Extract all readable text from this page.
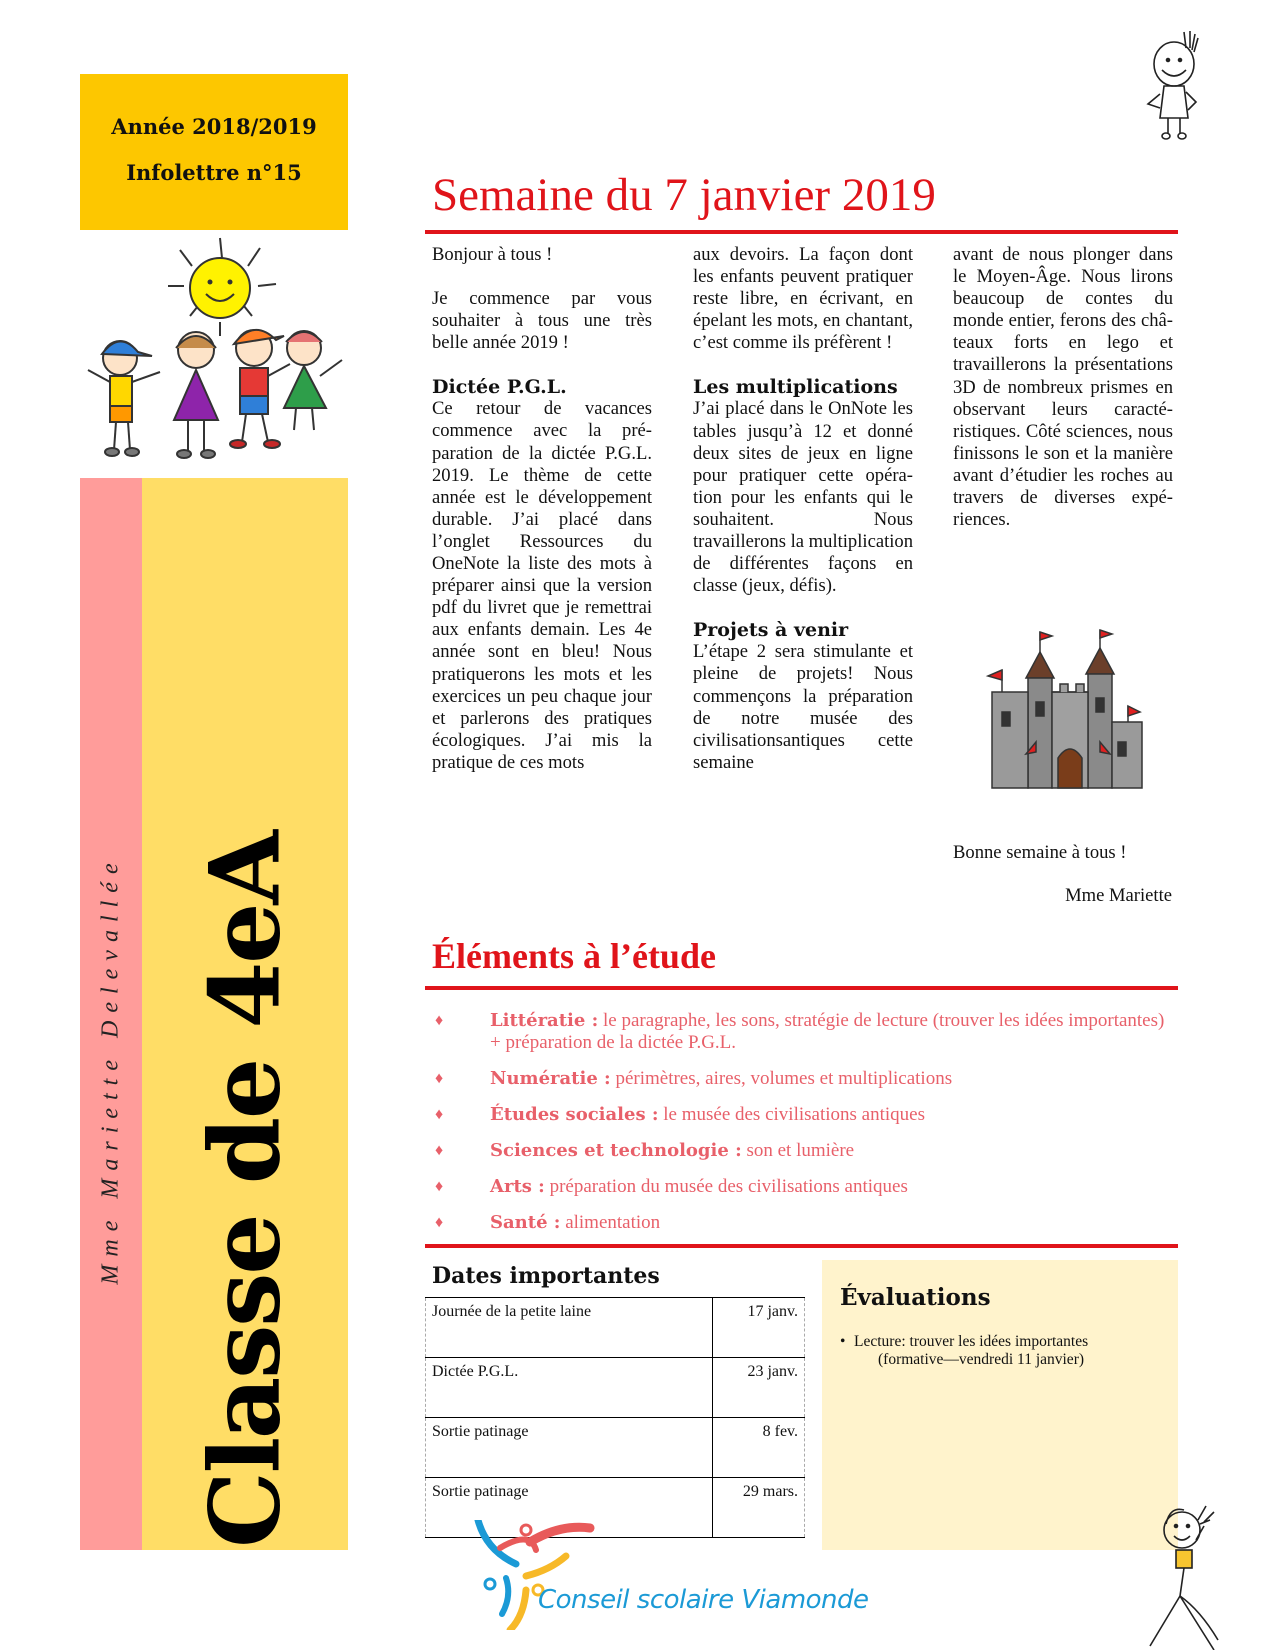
Année 2018/2019
Infolettre n°15
Mme Mariette Delevallée Classe de 4eA
Semaine du 7 janvier 2019

Bonjour à tous !

Je commence par vous souhaiter à tous une très belle année 2019 !

Dictée P.G.L.

Ce retour de vacances commence avec la préparation de la dictée P.G.L. 2019. Le thème de cette année est le développement durable. J’ai placé dans l’onglet Ressources du OneNote la liste des mots à préparer ainsi que la version pdf du livret que je remettrai aux enfants demain. Les 4e année sont en bleu! Nous pratiquerons les mots et les exercices un peu chaque jour et parlerons des pratiques écologiques. J’ai mis la pratique de ces mots

aux devoirs. La façon dont les enfants peuvent pratiquer reste libre, en écrivant, en épelant les mots, en chantant, c’est comme ils préfèrent !

Les multiplications

J’ai placé dans le OnNote les tables jusqu’à 12 et donné deux sites de jeux en ligne pour pratiquer cette opération pour les enfants qui le souhaitent. Nous travaillerons la multiplication de différentes façons en classe (jeux, défis).

Projets à venir

L’étape 2 sera stimulante et pleine de projets! Nous commençons la préparation de notre musée des civilisationsantiques cette semaine

avant de nous plonger dans le Moyen-Âge. Nous lirons beaucoup de contes du monde entier, ferons des châteaux forts en lego et travaillerons la présentations 3D de nombreux prismes en observant leurs caractéristiques. Côté sciences, nous finissons le son et la manière avant d’étudier les roches au travers de diverses expériences.

Bonne semaine à tous !
Mme Mariette
Éléments à l’étude
♦	Littératie : le paragraphe, les sons, stratégie de lecture (trouver les idées importantes) + préparation de la dictée P.G.L.
♦	Numératie : périmètres, aires, volumes et multiplications
♦	Études sociales : le musée des civilisations antiques
♦	Sciences et technologie : son et lumière
♦	Arts : préparation du musée des civilisations antiques
♦	Santé : alimentation
Dates importantes
Journée de la petite laine	17 janv.
Dictée P.G.L.	23 janv.
Sortie patinage	8 fev.
Sortie patinage	29 mars.
Évaluations
• Lecture: trouver les idées importantes
(formative—vendredi 11 janvier)
Conseil scolaire Viamonde
